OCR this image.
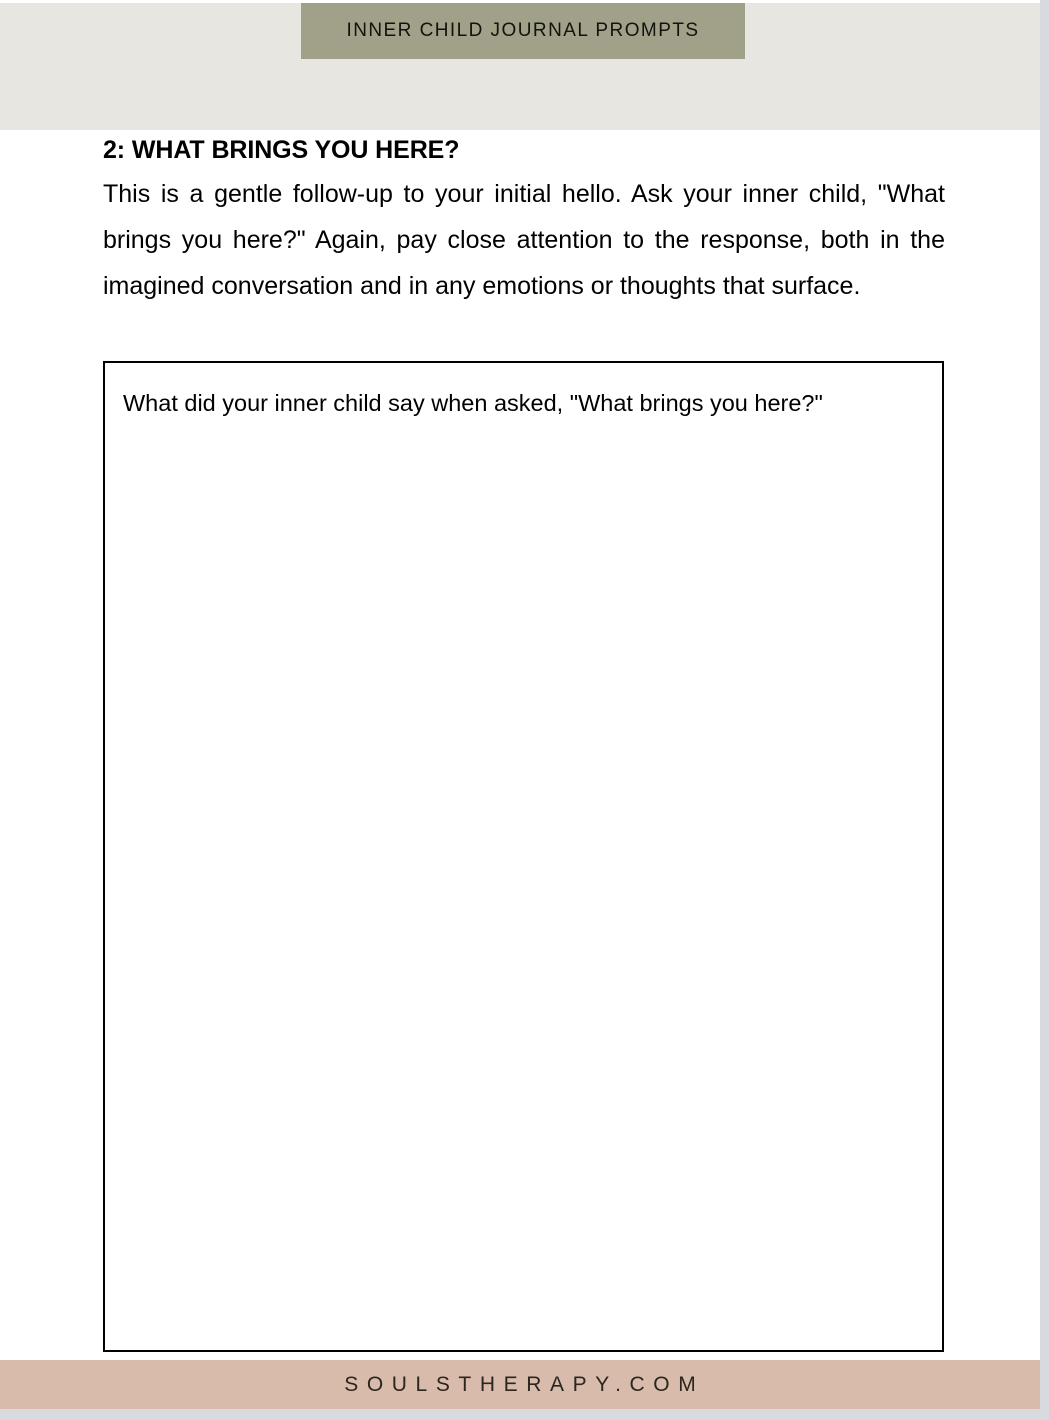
INNER CHILD JOURNAL PROMPTS
2: WHAT BRINGS YOU HERE?

This is a gentle follow-up to your initial hello. Ask your inner child, "What brings you here?" Again, pay close attention to the response, both in the imagined conversation and in any emotions or thoughts that surface.

What did your inner child say when asked, "What brings you here?"
SOULSTHERAPY.COM
